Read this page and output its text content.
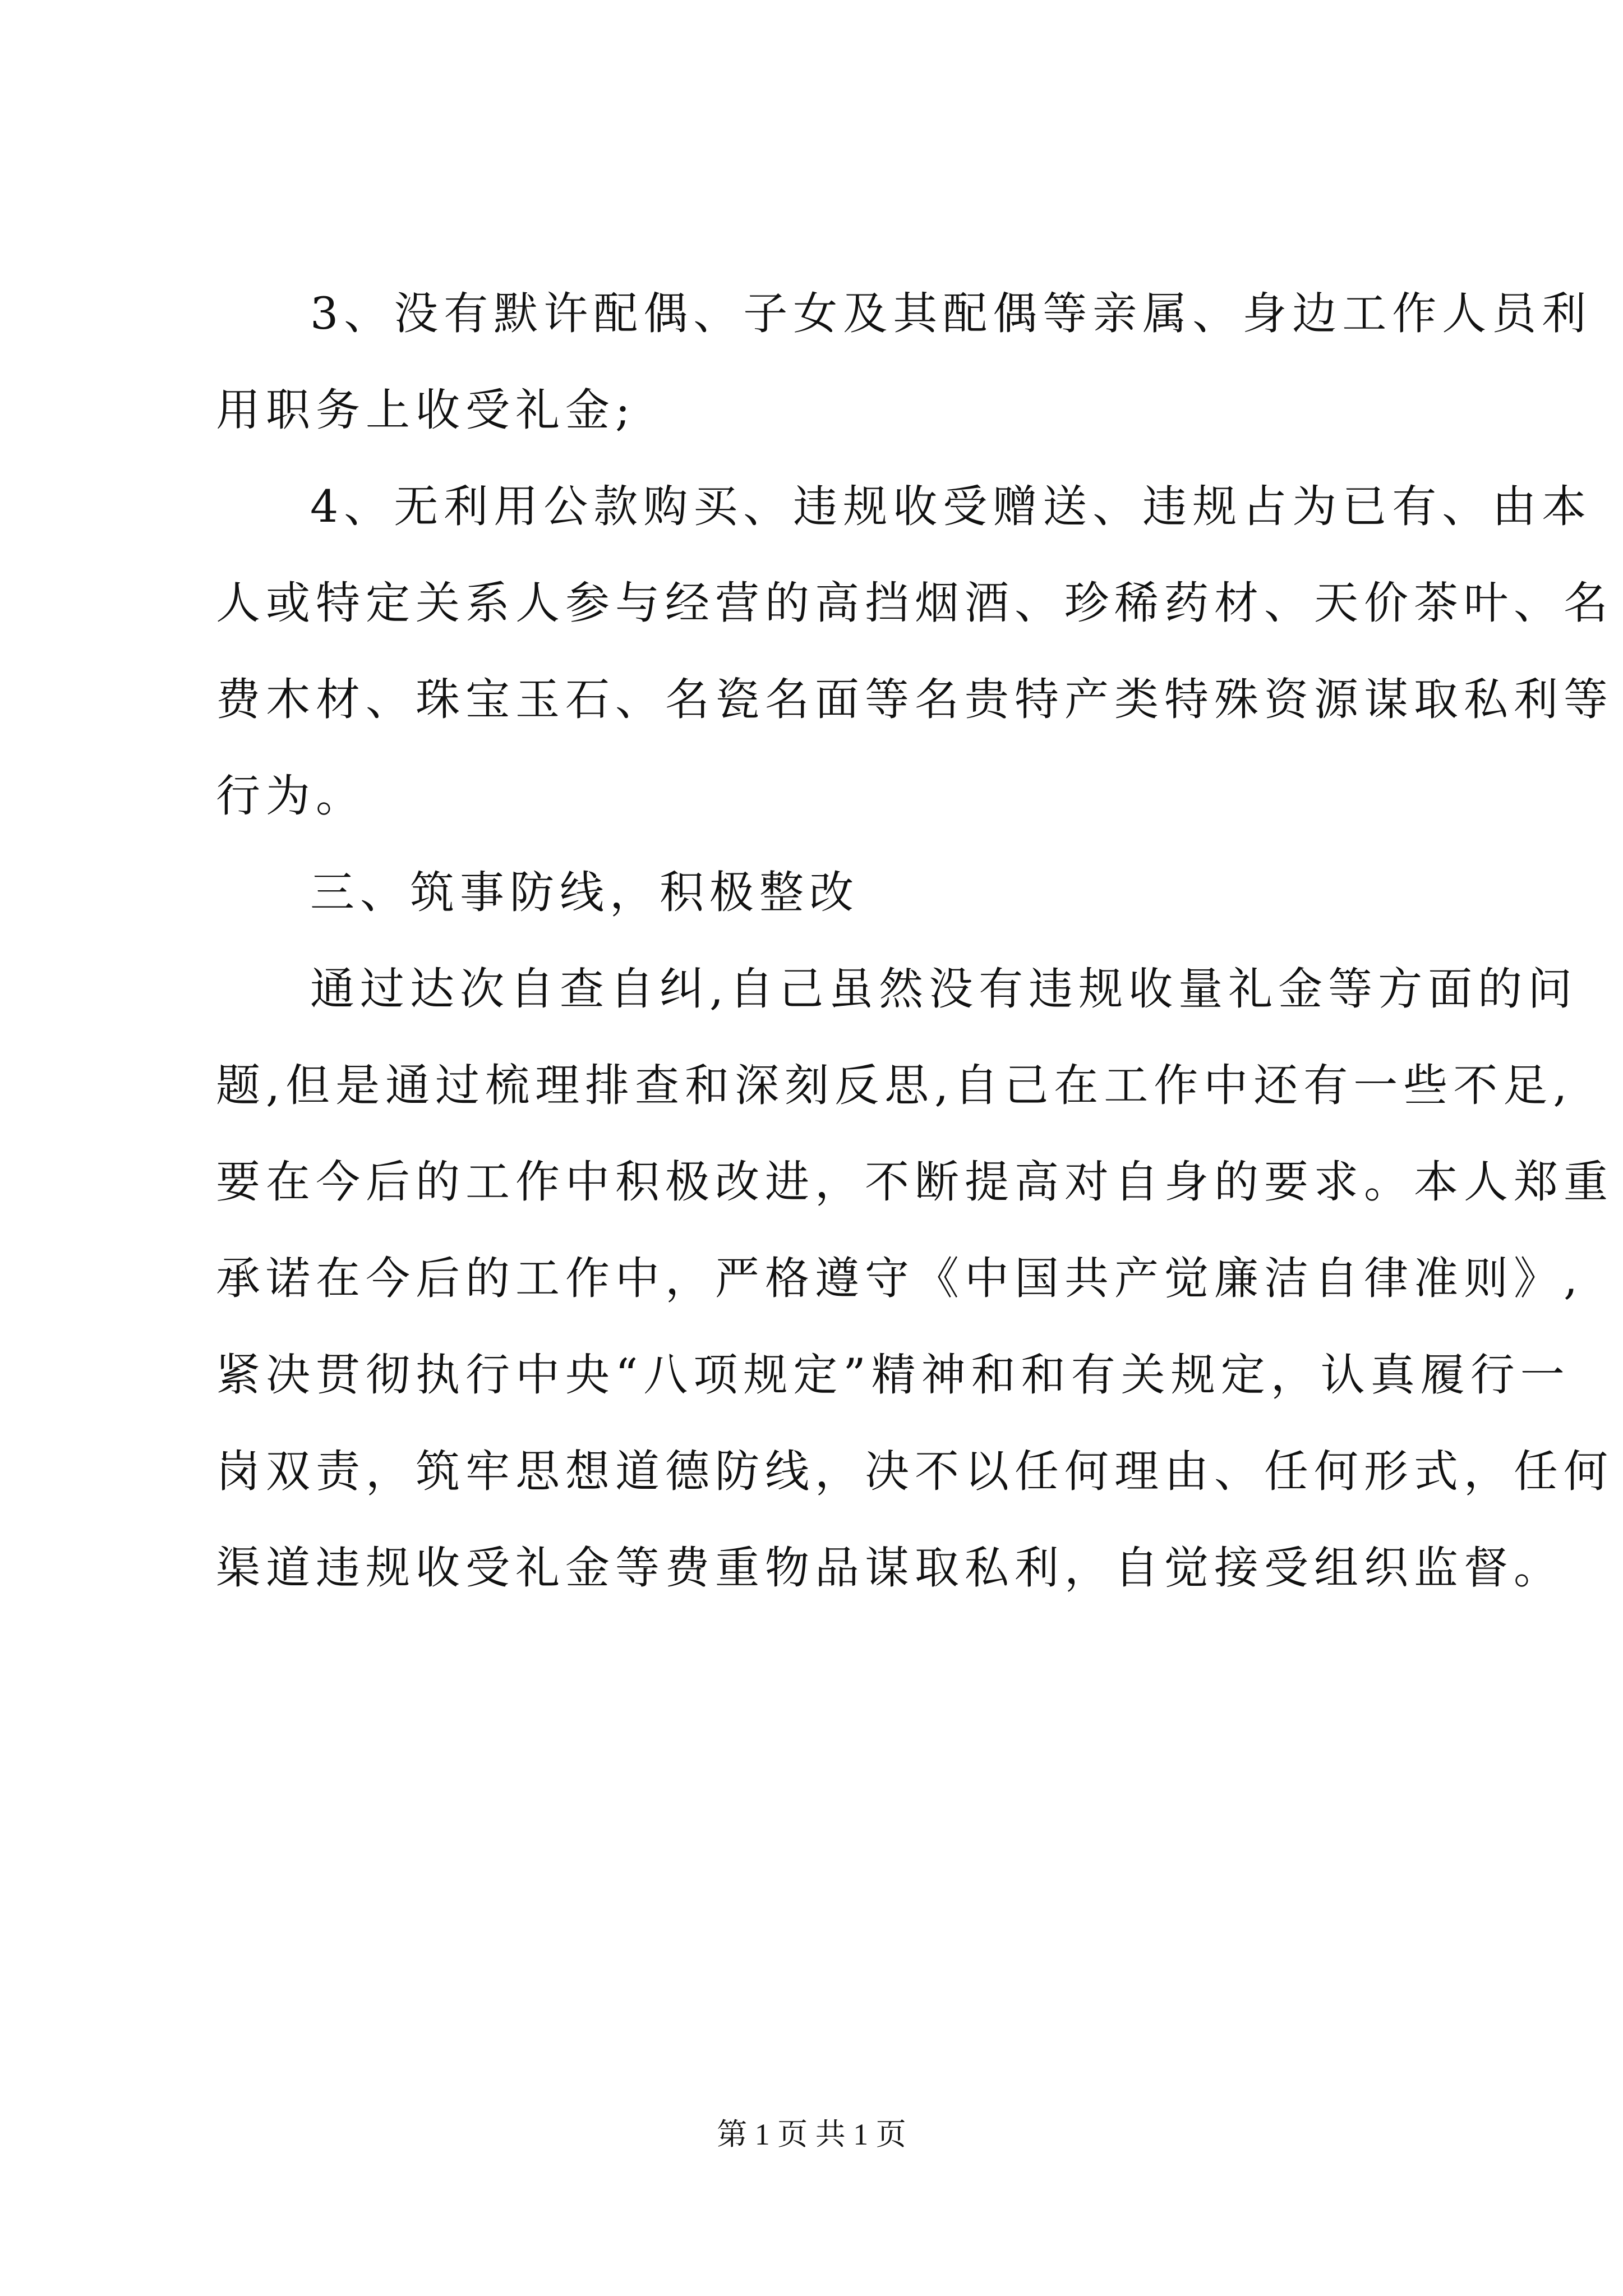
3、没有默许配偶、子女及其配偶等亲属、身边工作人员利
用职务上收受礼金;
4、无利用公款购买、违规收受赠送、违规占为已有、由本
人或特定关系人参与经营的高挡烟酒、珍稀药材、天价茶叶、名
费木材、珠宝玉石、名瓷名面等名贵特产类特殊资源谋取私利等
行为。
三、筑事防线，积极整改
通过达次自查自纠,自己虽然没有违规收量礼金等方面的问
题,但是通过梳理排查和深刻反思,自己在工作中还有一些不足,
要在今后的工作中积极改进，不断提高对自身的要求。本人郑重
承诺在今后的工作中，严格遵守《中国共产觉廉洁自律准则》,
紧决贯彻执行中央“八项规定”精神和和有关规定，认真履行一
岗双责，筑牢思想道德防线，决不以任何理由、任何形式，任何
渠道违规收受礼金等费重物品谋取私利，自觉接受组织监督。
第 1 页 共 1 页
